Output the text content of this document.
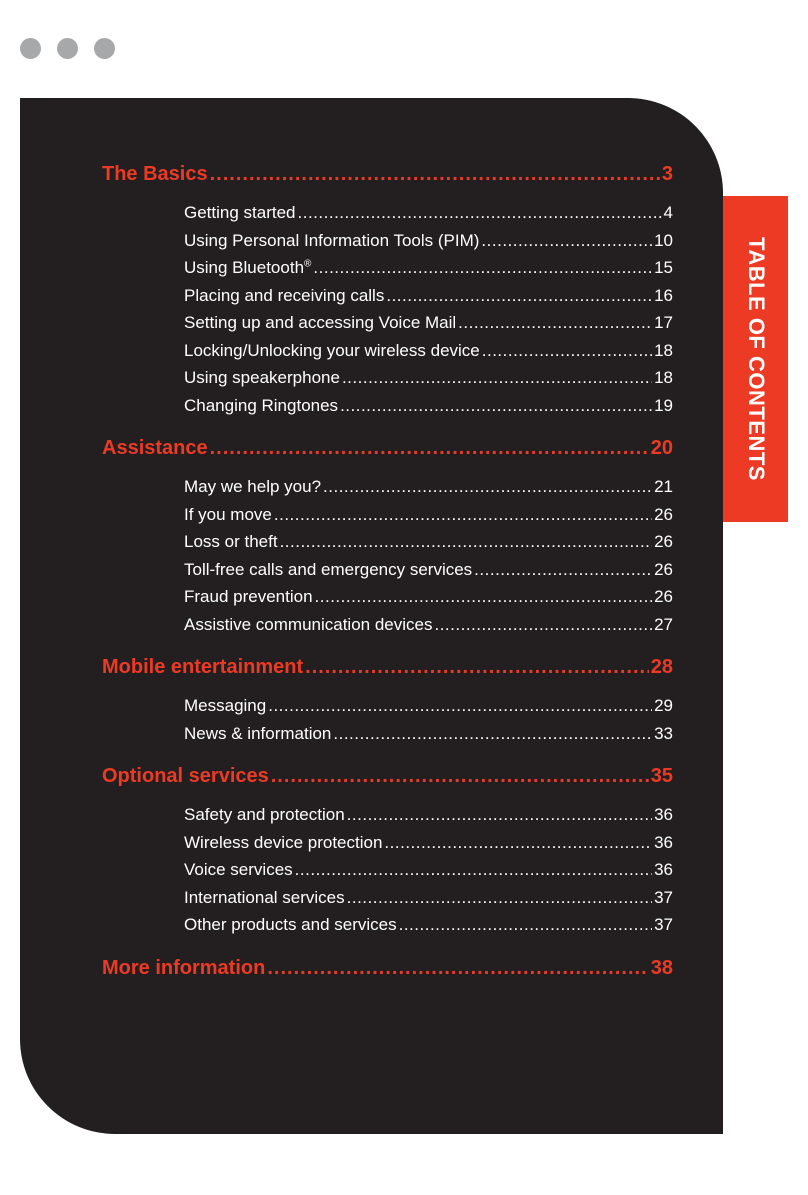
TABLE OF CONTENTS
The Basics .....	3
Getting started .....	4
Using Personal Information Tools (PIM) .....	10
Using Bluetooth® .....	15
Placing and receiving calls .....	16
Setting up and accessing Voice Mail .....	17
Locking/Unlocking your wireless device .....	18
Using speakerphone .....	18
Changing Ringtones .....	19
Assistance .....	20
May we help you? .....	21
If you move .....	26
Loss or theft .....	26
Toll-free calls and emergency services .....	26
Fraud prevention .....	26
Assistive communication devices .....	27
Mobile entertainment .....	28
Messaging .....	29
News & information .....	33
Optional services .....	35
Safety and protection .....	36
Wireless device protection .....	36
Voice services .....	36
International services .....	37
Other products and services .....	37
More information .....	38
